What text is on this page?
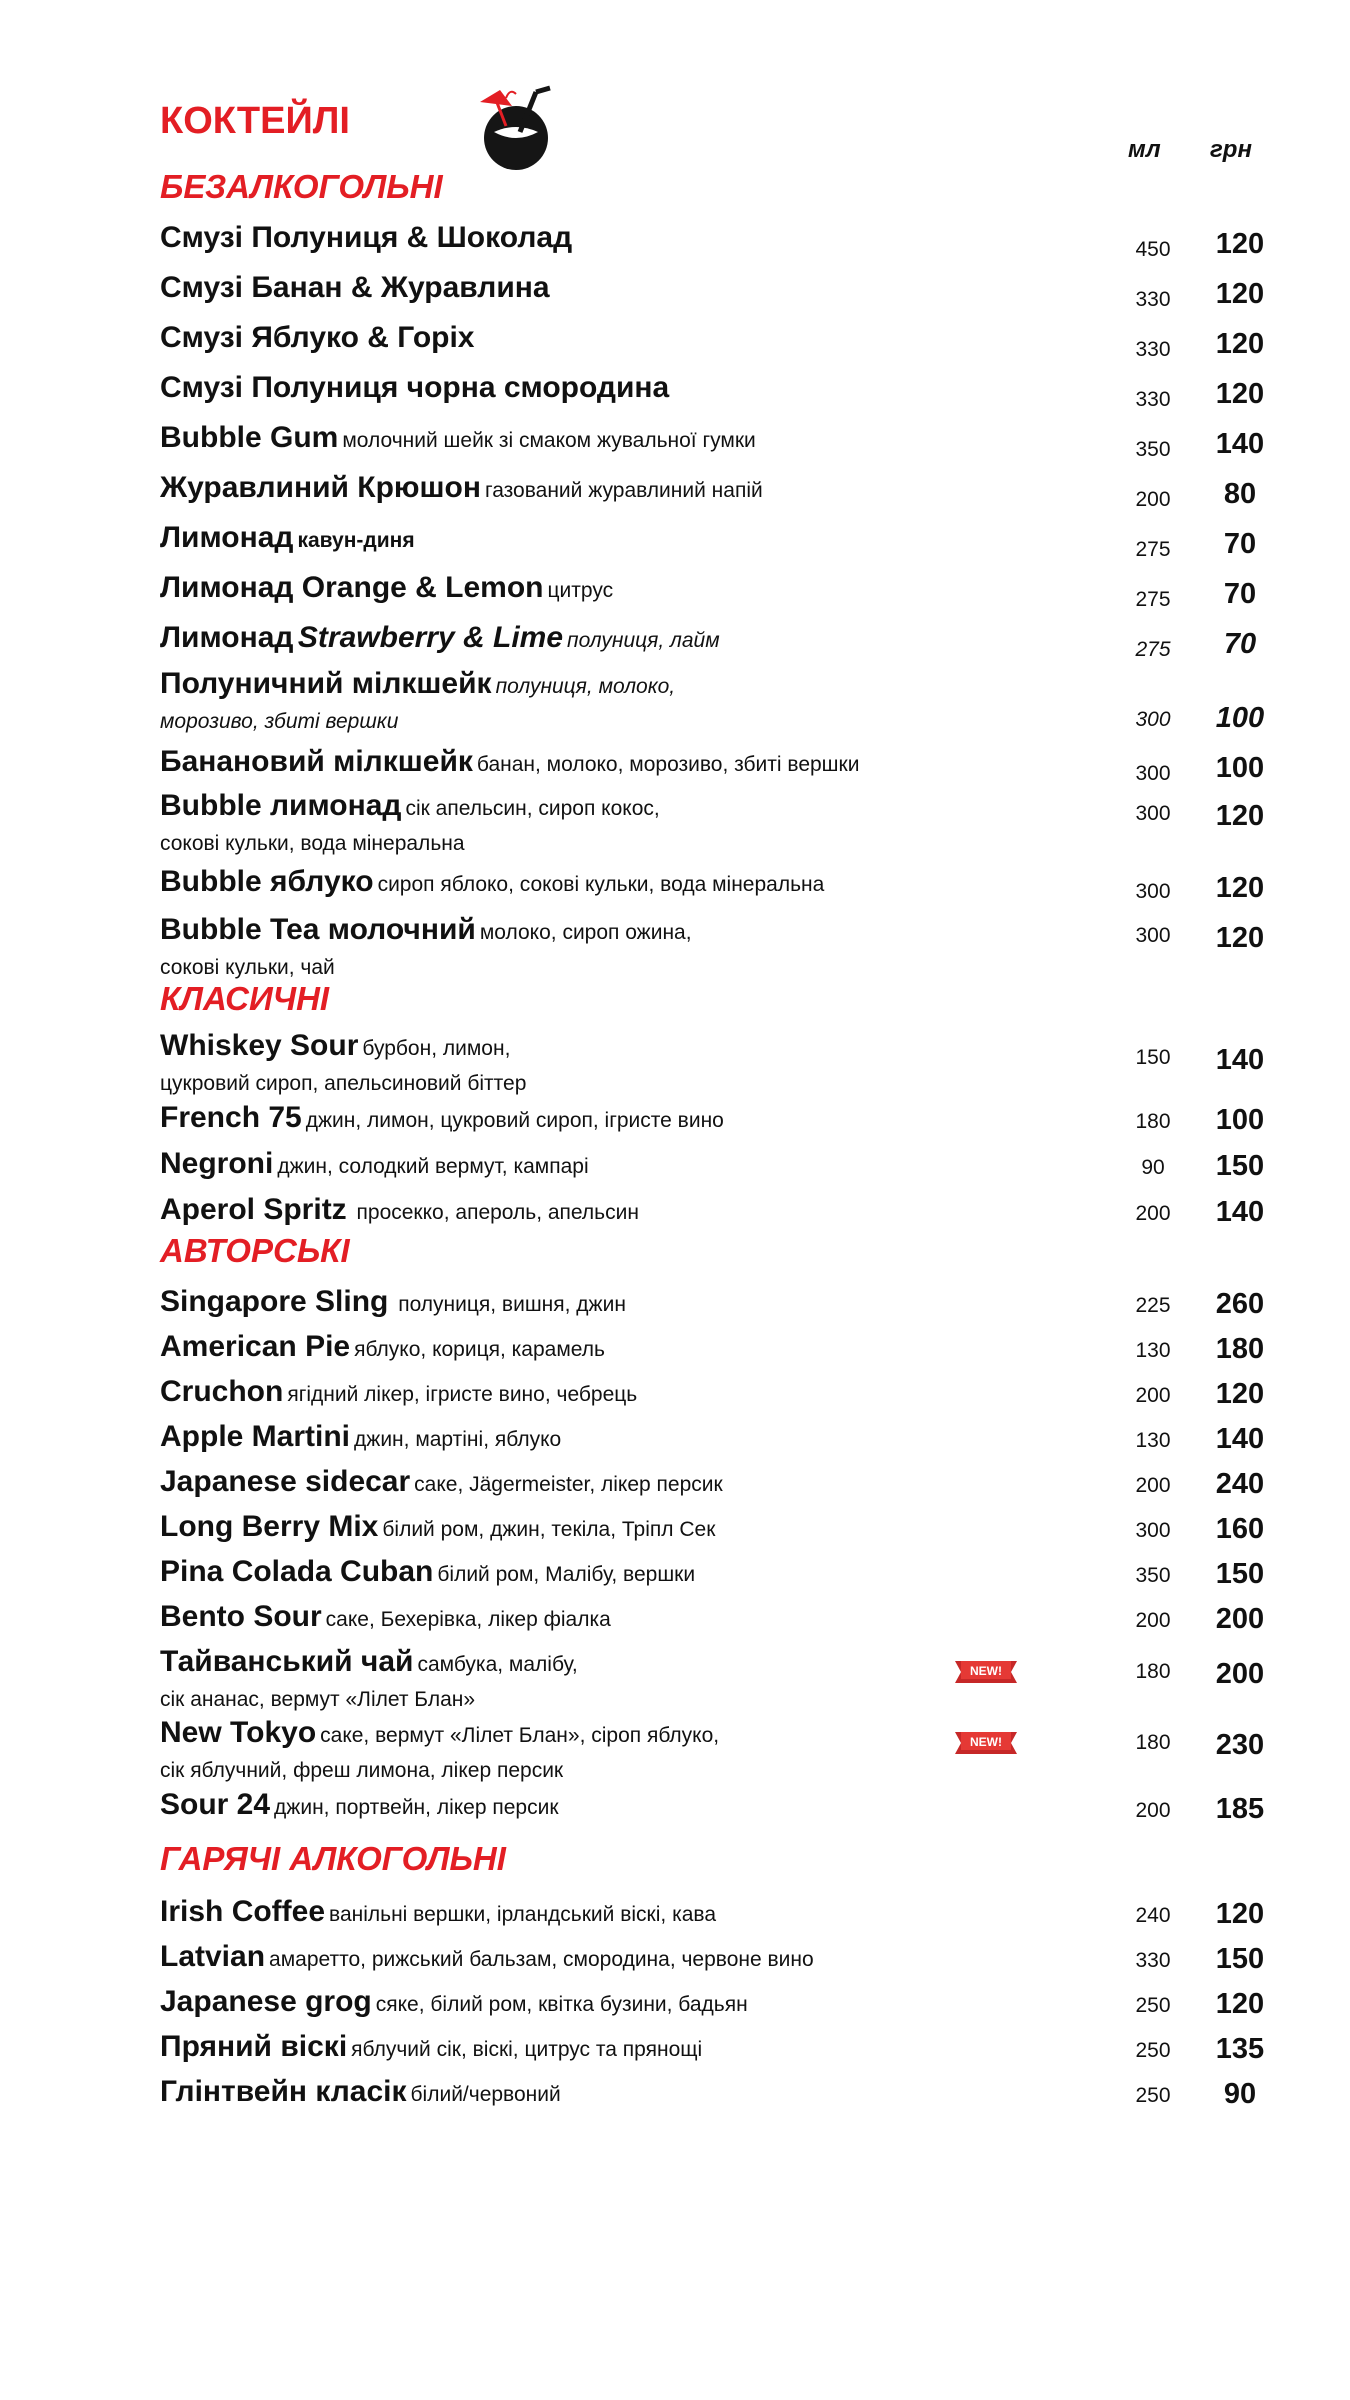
КОКТЕЙЛІ
мл грн
БЕЗАЛКОГОЛЬНІ
Смузі Полуниця & Шоколад	450	120
Смузі Банан & Журавлина	330	120
Смузі Яблуко & Горіх	330	120
Смузі Полуниця чорна смородина	330	120
Bubble Gum молочний шейк зі смаком жувальної гумки	350	140
Журавлиний Крюшон газований журавлиний напій	200	80
Лимонад кавун-диня	275	70
Лимонад Orange & Lemon цитрус	275	70
Лимонад Strawberry & Lime полуниця, лайм	275	70
Полуничний мілкшейк полуниця, молоко,
морозиво, збиті вершки	300	100
Банановий мілкшейк банан, молоко, морозиво, збиті вершки	300	100
Bubble лимонад сік апельсин, сироп кокос,
сокові кульки, вода мінеральна
300	120
Bubble яблуко сироп яблоко, сокові кульки, вода мінеральна	300	120
Bubble Tea молочний молоко, сироп ожина,
сокові кульки, чай
300	120
КЛАСИЧНІ
Whiskey Sour бурбон, лимон,
цукровий сироп, апельсиновий біттер
150	140
French 75 джин, лимон, цукровий сироп, ігристе вино	180	100
Negroni джин, солодкий вермут, кампарі	90	150
Aperol Spritz просекко, апероль, апельсин	200	140
АВТОРСЬКІ
Singapore Sling полуниця, вишня, джин	225	260
American Pie яблуко, кориця, карамель	130	180
Cruchon ягідний лікер, ігристе вино, чебрець	200	120
Apple Martini джин, мартіні, яблуко	130	140
Japanese sidecar саке, Jägermeister, лікер персик	200	240
Long Berry Mix білий ром, джин, текіла, Тріпл Сек	300	160
Pina Colada Cuban білий ром, Малібу, вершки	350	150
Bento Sour саке, Бехерівка, лікер фіалка	200	200
Тайванський чай самбука, малібу,
сік ананас, вермут «Лілет Блан»
NEW!	180	200
New Tokyo саке, вермут «Лілет Блан», сіроп яблуко,
сік яблучний, фреш лимона, лікер персик
NEW!	180	230
Sour 24 джин, портвейн, лікер персик	200	185
ГАРЯЧІ АЛКОГОЛЬНІ
Irish Coffee ванільні вершки, ірландський віскі, кава	240	120
Latvian амаретто, рижський бальзам, смородина, червоне вино	330	150
Japanese grog сяке, білий ром, квітка бузини, бадьян	250	120
Пряний віскі яблучий сік, віскі, цитрус та прянощі	250	135
Глінтвейн класік білий/червоний	250	90
